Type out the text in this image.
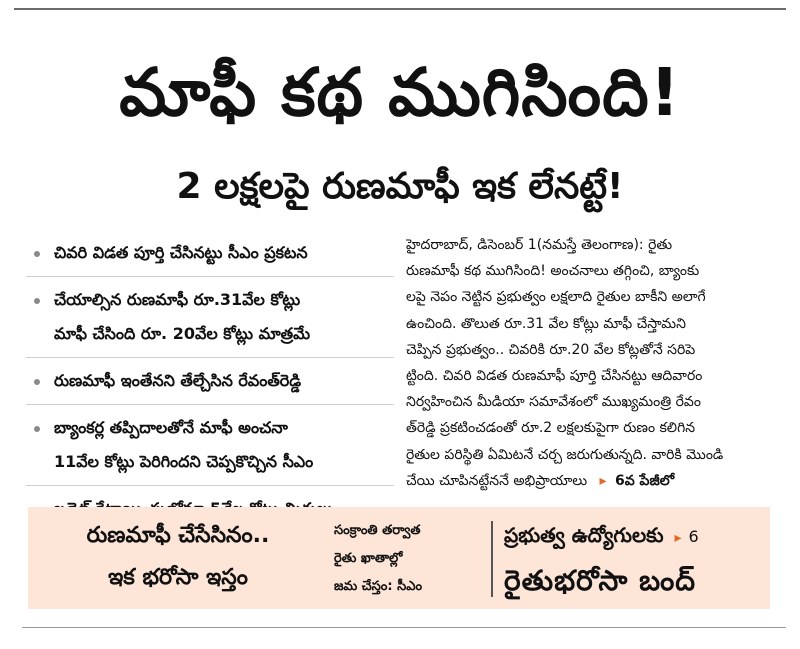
మాఫీ కథ ముగిసింది!
2 లక్షలపై రుణమాఫీ ఇక లేనట్టే!
చివరి విడత పూర్తి చేసినట్టు సీఎం ప్రకటన
చేయాల్సిన రుణమాఫీ రూ.31వేల కోట్లు
మాఫీ చేసింది రూ. 20వేల కోట్లు మాత్రమే
రుణమాఫీ ఇంతేనని తేల్చేసిన రేవంత్‌రెడ్డి
బ్యాంకర్ల తప్పిదాలతోనే మాఫీ అంచనా
11వేల కోట్లు పెరిగిందని చెప్పకొచ్చిన సీఎం
హైదరాబాద్, డిసెంబర్ 1(నమస్తే తెలంగాణ): రైతు
రుణమాఫీ కథ ముగిసింది! అంచనాలు తగ్గించి, బ్యాంకు
లపై నెపం నెట్టిన ప్రభుత్వం లక్షలాది రైతుల బాకీని అలాగే
ఉంచింది. తొలుత రూ.31 వేల కోట్లు మాఫీ చేస్తామని
చెప్పిన ప్రభుత్వం.. చివరికి రూ.20 వేల కోట్లతోనే సరిపె
ట్టింది. చివరి విడత రుణమాఫీ పూర్తి చేసినట్టు ఆదివారం
నిర్వహించిన మీడియా సమావేశంలో ముఖ్యమంత్రి రేవం
త్‌రెడ్డి ప్రకటించడంతో రూ.2 లక్షలకుపైగా రుణం కలిగిన
రైతుల పరిస్థితి ఏమిటనే చర్చ జరుగుతున్నది. వారికి మొండి
చేయి చూపినట్టేననే అభిప్రాయాలు ▸ 6వ పేజీలో
రుణమాఫీ చేసేసినం..
ఇక భరోసా ఇస్తం
సంక్రాంతి తర్వాత
రైతు ఖాతాల్లో
జమ చేస్తం: సీఎం
ప్రభుత్వ ఉద్యోగులకు ▸ 6
రైతుభరోసా బంద్
